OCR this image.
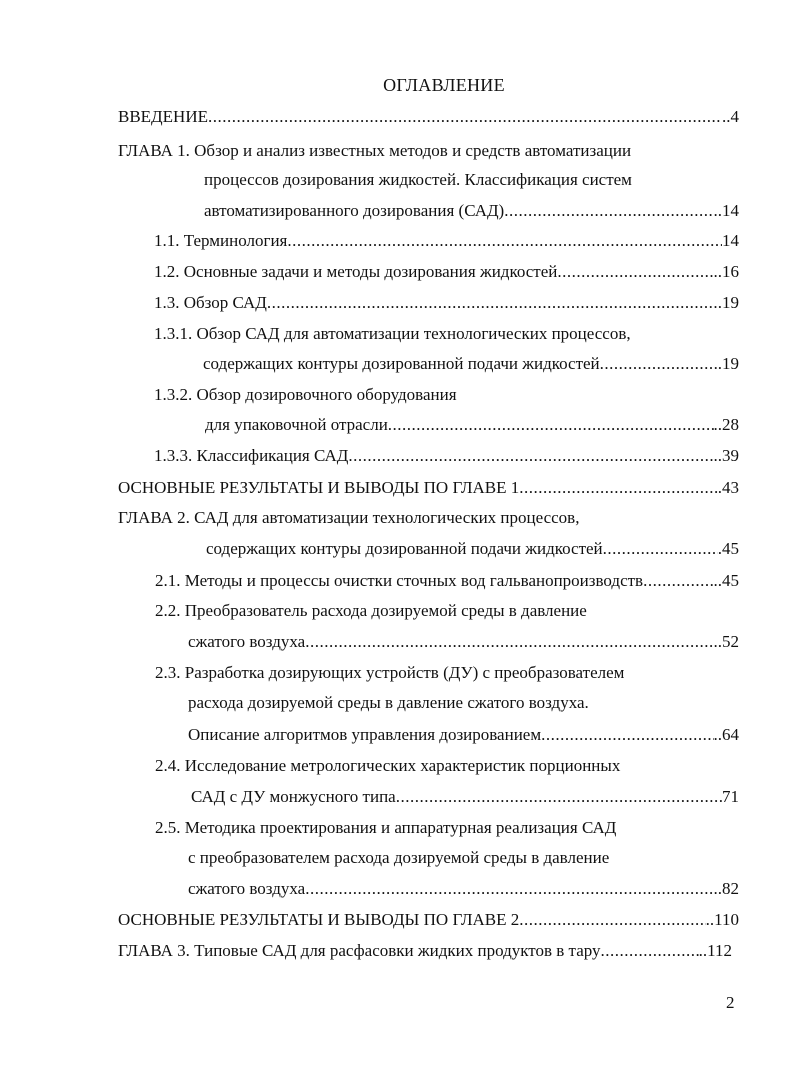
ОГЛАВЛЕНИЕ
ВВЕДЕНИЕ .....	..4
ГЛАВА 1. Обзор и анализ известных методов и средств автоматизации
процессов дозирования жидкостей. Классификация систем
автоматизированного дозирования (САД) .....	..14
1.1. Терминология .....	14
1.2. Основные задачи и методы дозирования жидкостей .....	..16
1.3. Обзор САД .....	.19
1.3.1. Обзор САД для автоматизации технологических процессов,
содержащих контуры дозированной подачи жидкостей .....	.19
1.3.2. Обзор дозировочного оборудования
для упаковочной отрасли .....	..28
1.3.3. Классификация САД .....	..39
ОСНОВНЫЕ РЕЗУЛЬТАТЫ И ВЫВОДЫ ПО ГЛАВЕ 1 .....	.43
ГЛАВА 2. САД для автоматизации технологических процессов,
содержащих контуры дозированной подачи жидкостей .....	.45
2.1. Методы и процессы очистки сточных вод гальванопроизводств .....	..45
2.2. Преобразователь расхода дозируемой среды в давление
сжатого воздуха .....	..52
2.3. Разработка дозирующих устройств (ДУ) с преобразователем
расхода дозируемой среды в давление сжатого воздуха.
Описание алгоритмов управления дозированием .....	..64
2.4. Исследование метрологических характеристик порционных
САД с ДУ монжусного типа .....	71
2.5. Методика проектирования и аппаратурная реализация САД
с преобразователем расхода дозируемой среды в давление
сжатого воздуха .....	..82
ОСНОВНЫЕ РЕЗУЛЬТАТЫ И ВЫВОДЫ ПО ГЛАВЕ 2 .....	..110
ГЛАВА 3. Типовые САД для расфасовки жидких продуктов в тару .....	..112
2
